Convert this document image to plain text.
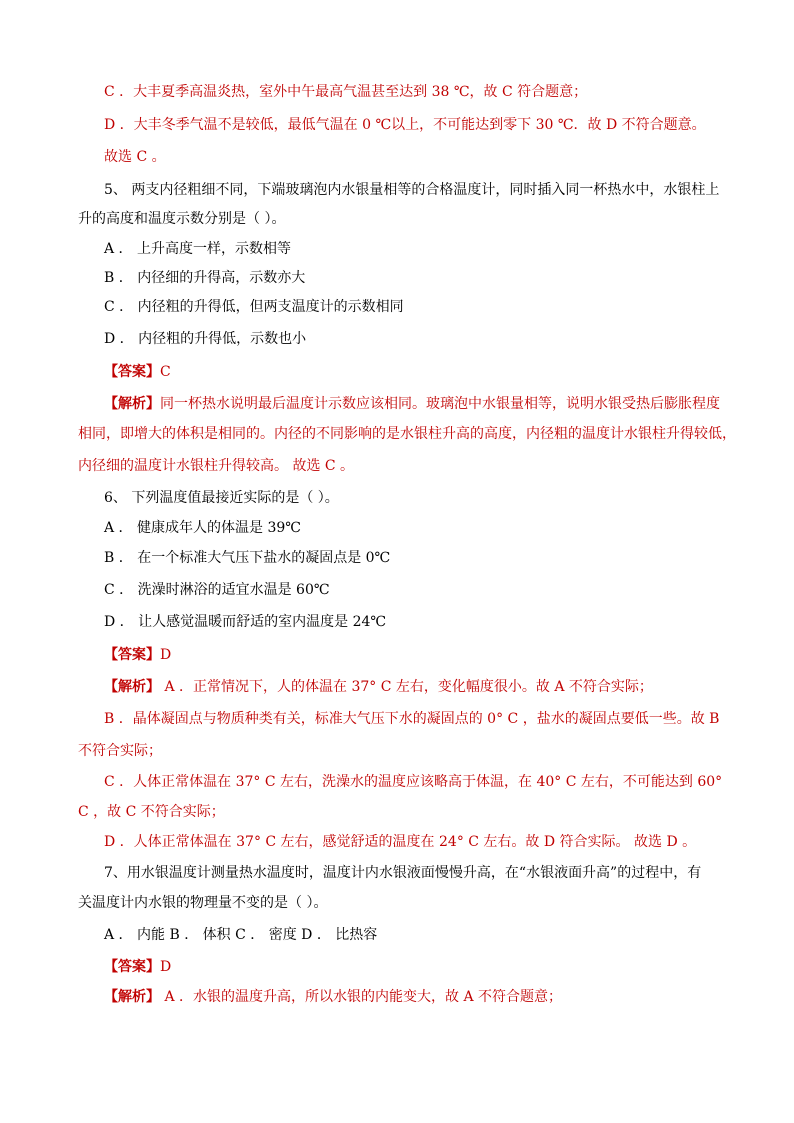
C ．大丰夏季高温炎热，室外中午最高气温甚至达到 38 ℃，故 C 符合题意；
D ．大丰冬季气温不是较低，最低气温在 0 ℃以上，不可能达到零下 30 ℃．故 D 不符合题意。
故选 C 。
5、 两支内径粗细不同，下端玻璃泡内水银量相等的合格温度计，同时插入同一杯热水中，水银柱上
升的高度和温度示数分别是（ ）。
A ． 上升高度一样，示数相等
B ． 内径细的升得高，示数亦大
C ． 内径粗的升得低，但两支温度计的示数相同
D ． 内径粗的升得低，示数也小
【答案】C
【解析】同一杯热水说明最后温度计示数应该相同。玻璃泡中水银量相等，说明水银受热后膨胀程度
相同，即增大的体积是相同的。内径的不同影响的是水银柱升高的高度，内径粗的温度计水银柱升得较低，
内径细的温度计水银柱升得较高。 故选 C 。
6、 下列温度值最接近实际的是（ ）。
A ． 健康成年人的体温是 39℃
B ． 在一个标准大气压下盐水的凝固点是 0℃
C ． 洗澡时淋浴的适宜水温是 60℃
D ． 让人感觉温暖而舒适的室内温度是 24℃
【答案】D
【解析】 A ．正常情况下，人的体温在 37° C 左右，变化幅度很小。故 A 不符合实际；
B ．晶体凝固点与物质种类有关，标准大气压下水的凝固点的 0° C ，盐水的凝固点要低一些。故 B
不符合实际；
C ．人体正常体温在 37° C 左右，洗澡水的温度应该略高于体温，在 40° C 左右，不可能达到 60°
C ，故 C 不符合实际；
D ．人体正常体温在 37° C 左右，感觉舒适的温度在 24° C 左右。故 D 符合实际。 故选 D 。
7、用水银温度计测量热水温度时，温度计内水银液面慢慢升高，在“水银液面升高”的过程中，有
关温度计内水银的物理量不变的是（ ）。
A ． 内能 B ． 体积 C ． 密度 D ． 比热容
【答案】D
【解析】 A ．水银的温度升高，所以水银的内能变大，故 A 不符合题意；
